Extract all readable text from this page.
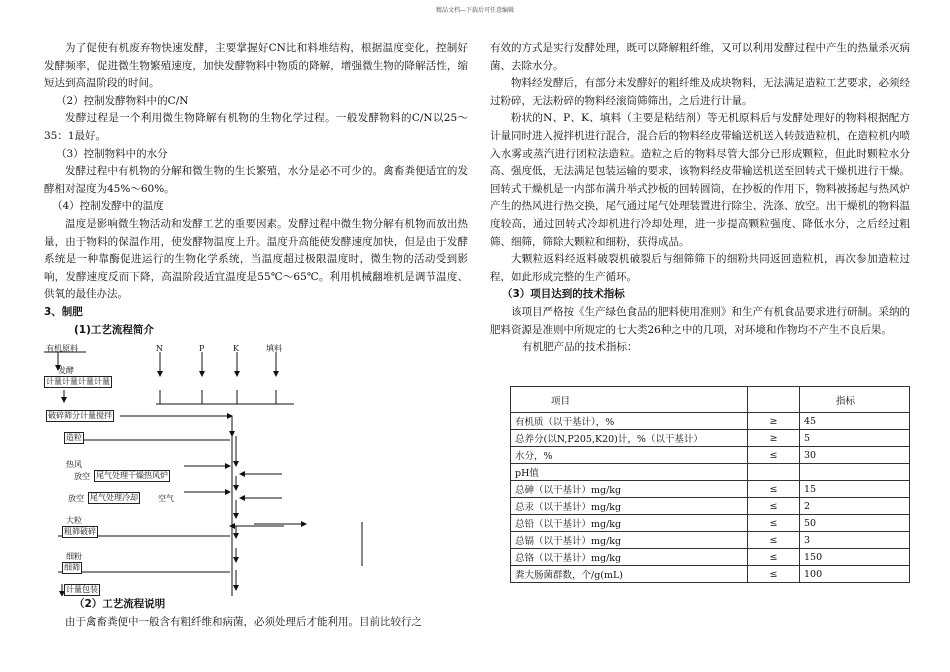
精品文档---下载后可任意编辑

为了促使有机废弃物快速发酵，主要掌握好CN比和料堆结构，根据温度变化，控制好发酵频率，促进微生物繁殖速度，加快发酵物料中物质的降解，增强微生物的降解活性，缩短达到高温阶段的时间。

（2）控制发酵物料中的C/N

发酵过程是一个利用微生物降解有机物的生物化学过程。一般发酵物料的C/N以25～35：1最好。

（3）控制物料中的水分

发酵过程中有机物的分解和微生物的生长繁殖，水分是必不可少的。禽畜粪便适宜的发酵相对湿度为45%～60%。

（4）控制发酵中的温度

温度是影响微生物活动和发酵工艺的重要因素。发酵过程中微生物分解有机物而放出热量，由于物料的保温作用，使发酵物温度上升。温度升高能使发酵速度加快，但是由于发酵系统是一种靠酶促进运行的生物化学系统，当温度超过极限温度时，微生物的活动受到影响，发酵速度反而下降，高温阶段适宜温度是55℃～65℃。利用机械翻堆机是调节温度、供氧的最佳办法。

3、制肥

(1)工艺流程简介

有机原料	N	P	K	填料
发酵
计量计量计量计量
破碎筛分计量搅拌
造粒
热风
放空 尾气处理干燥热风炉
放空 尾气处理冷却	空气
大粒
粗筛破碎
细粉
细筛
计量包装

（2）工艺流程说明

由于禽畜粪便中一般含有粗纤维和病菌，必须处理后才能利用。目前比较行之

有效的方式是实行发酵处理，既可以降解粗纤维，又可以利用发酵过程中产生的热量杀灭病菌、去除水分。

物料经发酵后，有部分未发酵好的粗纤维及成块物料，无法满足造粒工艺要求，必须经过粉碎，无法粉碎的物料经滚筒筛筛出，之后进行计量。

粉状的N、P、K、填料（主要是粘结剂）等无机原料后与发酵处理好的物料根据配方计量同时进入搅拌机进行混合，混合后的物料经皮带输送机送入转鼓造粒机，在造粒机内喷入水雾或蒸汽进行团粒法造粒。造粒之后的物料尽管大部分已形成颗粒，但此时颗粒水分高、强度低，无法满足包装运输的要求，该物料经皮带输送机送至回转式干燥机进行干燥。回转式干燥机是一内部布满升举式抄板的回转圆筒，在抄板的作用下，物料被扬起与热风炉产生的热风进行热交换，尾气通过尾气处理装置进行除尘、洗涤、放空。出干燥机的物料温度较高，通过回转式冷却机进行冷却处理，进一步提高颗粒强度、降低水分，之后经过粗筛、细筛，筛除大颗粒和细粉，获得成品。

大颗粒返料经返料破裂机破裂后与细筛筛下的细粉共同返回造粒机，再次参加造粒过程，如此形成完整的生产循环。

（3）项目达到的技术指标

该项目严格按《生产绿色食品的肥料使用准则》和生产有机食品要求进行研制。采纳的肥料资源是准则中所规定的七大类26种之中的几项，对环境和作物均不产生不良后果。

有机肥产品的技术指标：

项目		指标
有机质（以干基计），%	≥	45
总养分(以N,P205,K20)计，%（以干基计）	≥	5
水分，%	≤	30
pH值		
总砷（以干基计）mg/kg	≤	15
总汞（以干基计）mg/kg	≤	2
总铅（以干基计）mg/kg	≤	50
总镉（以干基计）mg/kg	≤	3
总铬（以干基计）mg/kg	≤	150
粪大肠菌群数，个/g(mL)	≤	100
